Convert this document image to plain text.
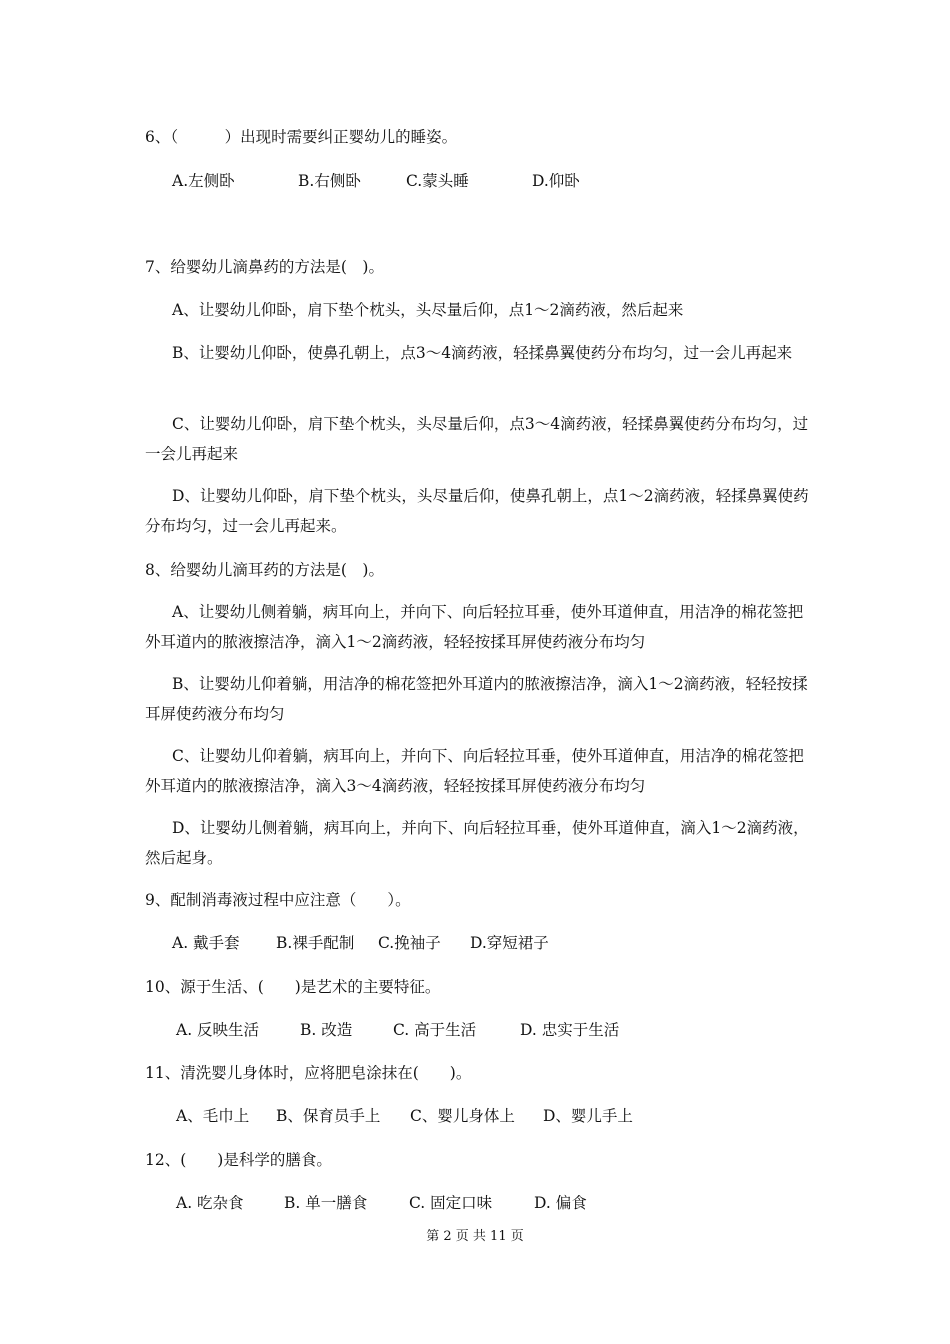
6、（　　　）出现时需要纠正婴幼儿的睡姿。
A.左侧卧	B.右侧卧	C.蒙头睡	D.仰卧
7、给婴幼儿滴鼻药的方法是(　)。
A、让婴幼儿仰卧，肩下垫个枕头，头尽量后仰，点1～2滴药液，然后起来
B、让婴幼儿仰卧，使鼻孔朝上，点3～4滴药液，轻揉鼻翼使药分布均匀，过一会儿再起来
C、让婴幼儿仰卧，肩下垫个枕头，头尽量后仰，点3～4滴药液，轻揉鼻翼使药分布均匀，过一会儿再起来
D、让婴幼儿仰卧，肩下垫个枕头，头尽量后仰，使鼻孔朝上，点1～2滴药液，轻揉鼻翼使药分布均匀，过一会儿再起来。
8、给婴幼儿滴耳药的方法是(　)。
A、让婴幼儿侧着躺，病耳向上，并向下、向后轻拉耳垂，使外耳道伸直，用洁净的棉花签把外耳道内的脓液擦洁净，滴入1～2滴药液，轻轻按揉耳屏使药液分布均匀
B、让婴幼儿仰着躺，用洁净的棉花签把外耳道内的脓液擦洁净，滴入1～2滴药液，轻轻按揉耳屏使药液分布均匀
C、让婴幼儿仰着躺，病耳向上，并向下、向后轻拉耳垂，使外耳道伸直，用洁净的棉花签把外耳道内的脓液擦洁净，滴入3～4滴药液，轻轻按揉耳屏使药液分布均匀
D、让婴幼儿侧着躺，病耳向上，并向下、向后轻拉耳垂，使外耳道伸直，滴入1～2滴药液，然后起身。
9、配制消毒液过程中应注意（　　）。
A. 戴手套 B.裸手配制 C.挽袖子 D.穿短裙子
10、源于生活、(　　)是艺术的主要特征。
A. 反映生活	B. 改造	C. 高于生活	D. 忠实于生活
11、清洗婴儿身体时，应将肥皂涂抹在(　　)。
A、毛巾上 B、保育员手上 C、婴儿身体上 D、婴儿手上
12、(　　)是科学的膳食。
A. 吃杂食	B. 单一膳食	C. 固定口味	D. 偏食
第 2 页 共 11 页
